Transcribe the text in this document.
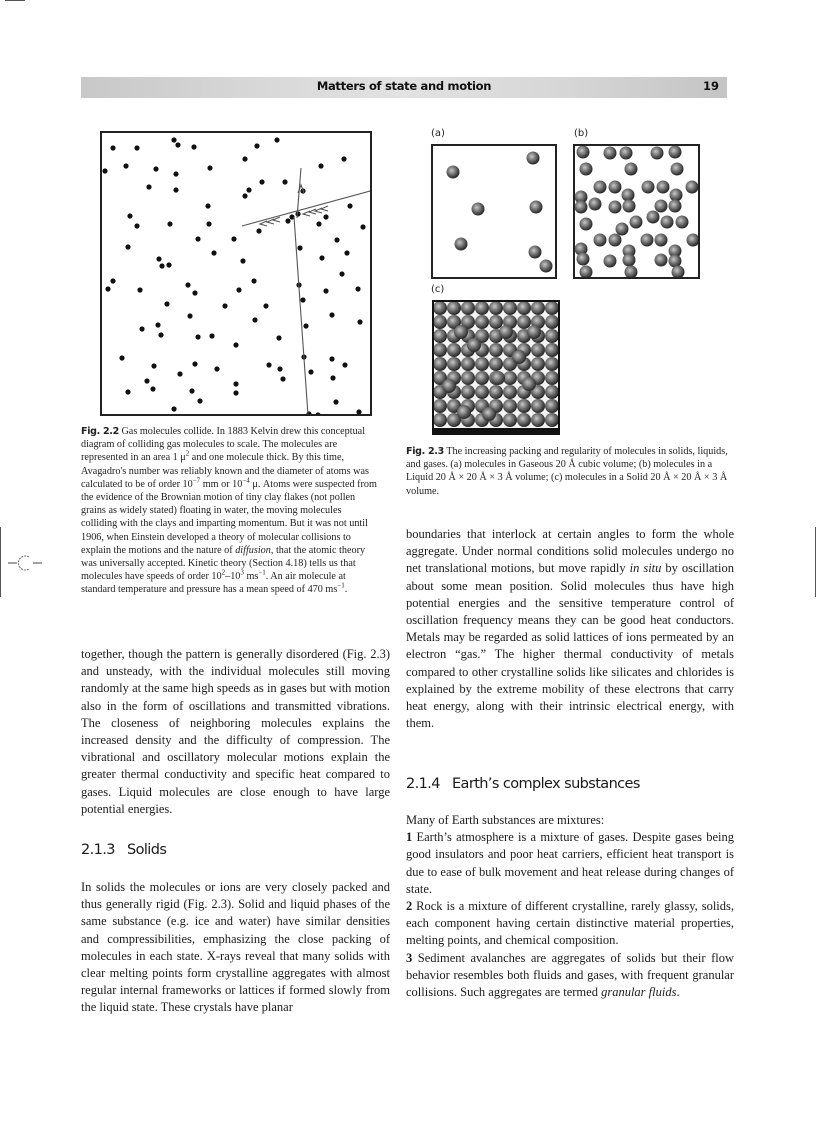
Matters of state and motion	19
(a)	(b)
(c)
Fig. 2.2 Gas molecules collide. In 1883 Kelvin drew this conceptual diagram of colliding gas molecules to scale. The molecules are represented in an area 1 $\mu^2$ and one molecule thick. By this time, Avagadro's number was reliably known and the diameter of atoms was calculated to be of order $10^{-7}$ mm or $10^{-4}$ μ. Atoms were suspected from the evidence of the Brownian motion of tiny clay flakes (not pollen grains as widely stated) floating in water, the moving molecules colliding with the clays and imparting momentum. But it was not until 1906, when Einstein developed a theory of molecular collisions to explain the motions and the nature of diffusion, that the atomic theory was universally accepted. Kinetic theory (Section 4.18) tells us that molecules have speeds of order $10^2-10^3$ $ms^{-1}$. An air molecule at standard temperature and pressure has a mean speed of 470 $ms^{-1}$.
Fig. 2.3 The increasing packing and regularity of molecules in solids, liquids, and gases. (a) molecules in Gaseous 20 Å cubic volume; (b) molecules in a Liquid 20 Å × 20 Å × 3 Å volume; (c) molecules in a Solid 20 Å × 20 Å × 3 Å volume.
together, though the pattern is generally disordered (Fig. 2.3) and unsteady, with the individual molecules still moving randomly at the same high speeds as in gases but with motion also in the form of oscillations and transmitted vibrations. The closeness of neighboring molecules explains the increased density and the difficulty of compression. The vibrational and oscillatory molecular motions explain the greater thermal conductivity and specific heat compared to gases. Liquid molecules are close enough to have large potential energies.
2.1.3 Solids
In solids the molecules or ions are very closely packed and thus generally rigid (Fig. 2.3). Solid and liquid phases of the same substance (e.g. ice and water) have similar densities and compressibilities, emphasizing the close packing of molecules in each state. X-rays reveal that many solids with clear melting points form crystalline aggregates with almost regular internal frameworks or lattices if formed slowly from the liquid state. These crystals have planar
boundaries that interlock at certain angles to form the whole aggregate. Under normal conditions solid molecules undergo no net translational motions, but move rapidly in situ by oscillation about some mean position. Solid molecules thus have high potential energies and the sensitive temperature control of oscillation frequency means they can be good heat conductors. Metals may be regarded as solid lattices of ions permeated by an electron “gas.” The higher thermal conductivity of metals compared to other crystalline solids like silicates and chlorides is explained by the extreme mobility of these electrons that carry heat energy, along with their intrinsic electrical energy, with them.
2.1.4 Earth’s complex substances
Many of Earth substances are mixtures:
1 Earth’s atmosphere is a mixture of gases. Despite gases being good insulators and poor heat carriers, efficient heat transport is due to ease of bulk movement and heat release during changes of state.
2 Rock is a mixture of different crystalline, rarely glassy, solids, each component having certain distinctive material properties, melting points, and chemical composition.
3 Sediment avalanches are aggregates of solids but their flow behavior resembles both fluids and gases, with frequent granular collisions. Such aggregates are termed granular fluids.
